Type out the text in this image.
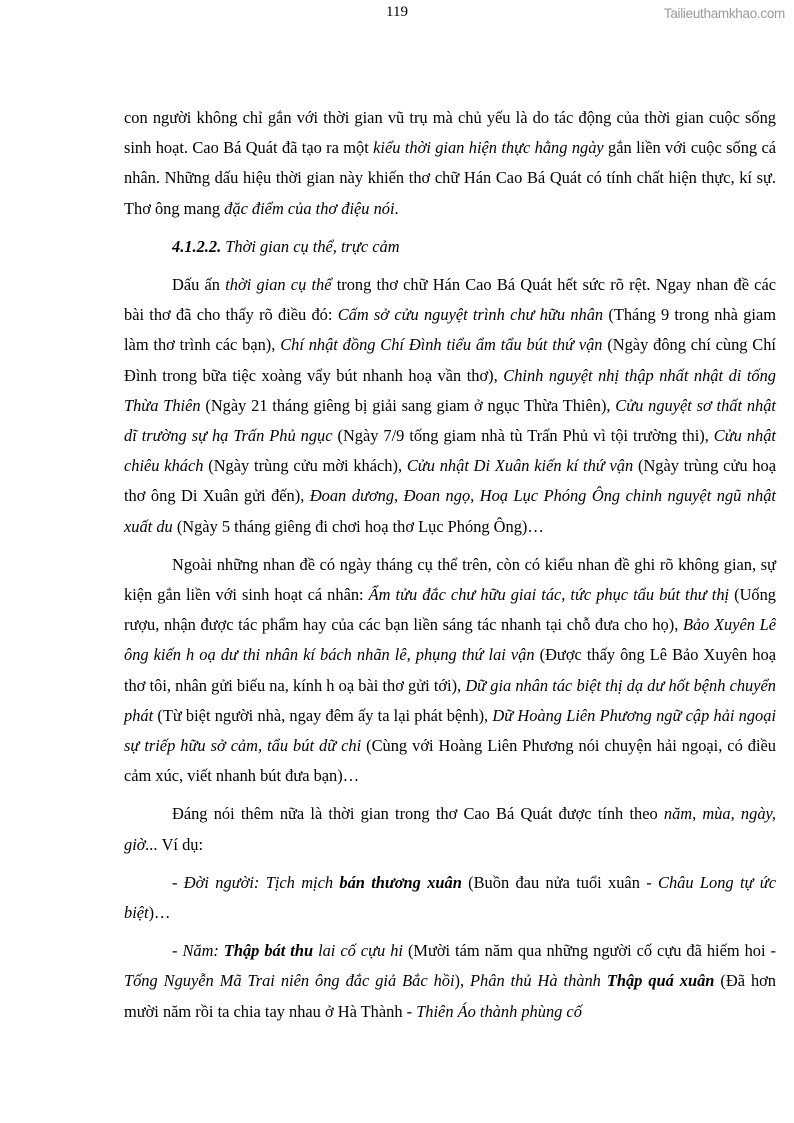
119	Tailieuthamkhao.com

con người không chỉ gắn với thời gian vũ trụ mà chủ yếu là do tác động của thời gian cuộc sống sinh hoạt. Cao Bá Quát đã tạo ra một kiểu thời gian hiện thực hằng ngày gắn liền với cuộc sống cá nhân. Những dấu hiệu thời gian này khiến thơ chữ Hán Cao Bá Quát có tính chất hiện thực, kí sự. Thơ ông mang đặc điểm của thơ điệu nói.

4.1.2.2. Thời gian cụ thể, trực cảm

Dấu ấn thời gian cụ thể trong thơ chữ Hán Cao Bá Quát hết sức rõ rệt. Ngay nhan đề các bài thơ đã cho thấy rõ điều đó: Cấm sở cửu nguyệt trình chư hữu nhân (Tháng 9 trong nhà giam làm thơ trình các bạn), Chí nhật đồng Chí Đình tiểu ẩm tẩu bút thứ vận (Ngày đông chí cùng Chí Đình trong bữa tiệc xoàng vẩy bút nhanh hoạ vần thơ), Chinh nguyệt nhị thập nhất nhật di tống Thừa Thiên (Ngày 21 tháng giêng bị giải sang giam ở ngục Thừa Thiên), Cửu nguyệt sơ thất nhật dĩ trường sự hạ Trấn Phủ ngục (Ngày 7/9 tống giam nhà tù Trấn Phủ vì tội trường thi), Cửu nhật chiêu khách (Ngày trùng cửu mời khách), Cửu nhật Di Xuân kiến kí thứ vận (Ngày trùng cửu hoạ thơ ông Di Xuân gửi đến), Đoan dương, Đoan ngọ, Hoạ Lục Phóng Ông chinh nguyệt ngũ nhật xuất du (Ngày 5 tháng giêng đi chơi hoạ thơ Lục Phóng Ông)…

Ngoài những nhan đề có ngày tháng cụ thể trên, còn có kiểu nhan đề ghi rõ không gian, sự kiện gắn liền với sinh hoạt cá nhân: Ẩm tửu đắc chư hữu giai tác, tức phục tẩu bút thư thị (Uống rượu, nhận được tác phẩm hay của các bạn liền sáng tác nhanh tại chỗ đưa cho họ), Bảo Xuyên Lê ông kiến h oạ dư thi nhân kí bách nhãn lê, phụng thứ lai vận (Được thấy ông Lê Bảo Xuyên hoạ thơ tôi, nhân gửi biếu na, kính h oạ bài thơ gửi tới), Dữ gia nhân tác biệt thị dạ dư hốt bệnh chuyển phát (Từ biệt người nhà, ngay đêm ấy ta lại phát bệnh), Dữ Hoàng Liên Phương ngữ cập hải ngoại sự triếp hữu sở cảm, tẩu bút dữ chi (Cùng với Hoàng Liên Phương nói chuyện hải ngoại, có điều cảm xúc, viết nhanh bút đưa bạn)…

Đáng nói thêm nữa là thời gian trong thơ Cao Bá Quát được tính theo năm, mùa, ngày, giờ... Ví dụ:

- Đời người: Tịch mịch bán thương xuân (Buồn đau nửa tuổi xuân - Châu Long tự ức biệt)…

- Năm: Thập bát thu lai cố cựu hi (Mười tám năm qua những người cố cựu đã hiếm hoi - Tống Nguyễn Mã Trai niên ông đắc giả Bắc hồi), Phân thủ Hà thành Thập quá xuân (Đã hơn mười năm rồi ta chia tay nhau ở Hà Thành - Thiên Áo thành phùng cố
